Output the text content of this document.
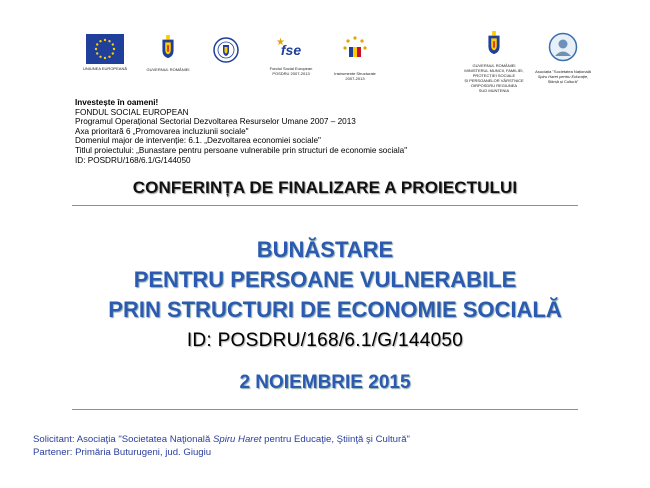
UNIUNEA EUROPEANĂ	GUVERNUL ROMÂNIEI
fse
★
Fondul Social European
POSDRU 2007-2013	Instrumente Structurale
2007-2013
GUVERNUL ROMÂNIEI
MINISTERUL MUNCII, FAMILIEI,
PROTECȚIEI SOCIALE
ȘI PERSOANELOR VÂRSTNICE
OIRPOSDRU REGIUNEA
SUD MUNTENIA
Asociația "Societatea Națională
Spiru Haret pentru Educație,
Știință și Cultură"
Investește în oameni!
FONDUL SOCIAL EUROPEAN
Programul Operațional Sectorial Dezvoltarea Resurselor Umane 2007 – 2013
Axa prioritară 6 „Promovarea incluziunii sociale"
Domeniul major de intervenție: 6.1. „Dezvoltarea economiei sociale"
Titlul proiectului: „Bunastare pentru persoane vulnerabile prin structuri de economie sociala"
ID: POSDRU/168/6.1/G/144050
CONFERINȚA DE FINALIZARE A PROIECTULUI
BUNĂSTARE
PENTRU PERSOANE VULNERABILE
PRIN STRUCTURI DE ECONOMIE SOCIALĂ
ID: POSDRU/168/6.1/G/144050
2 NOIEMBRIE 2015
Solicitant: Asociaţia "Societatea Naţională Spiru Haret pentru Educaţie, Ştiinţă şi Cultură"
Partener: Primăria Buturugeni, jud. Giugiu
